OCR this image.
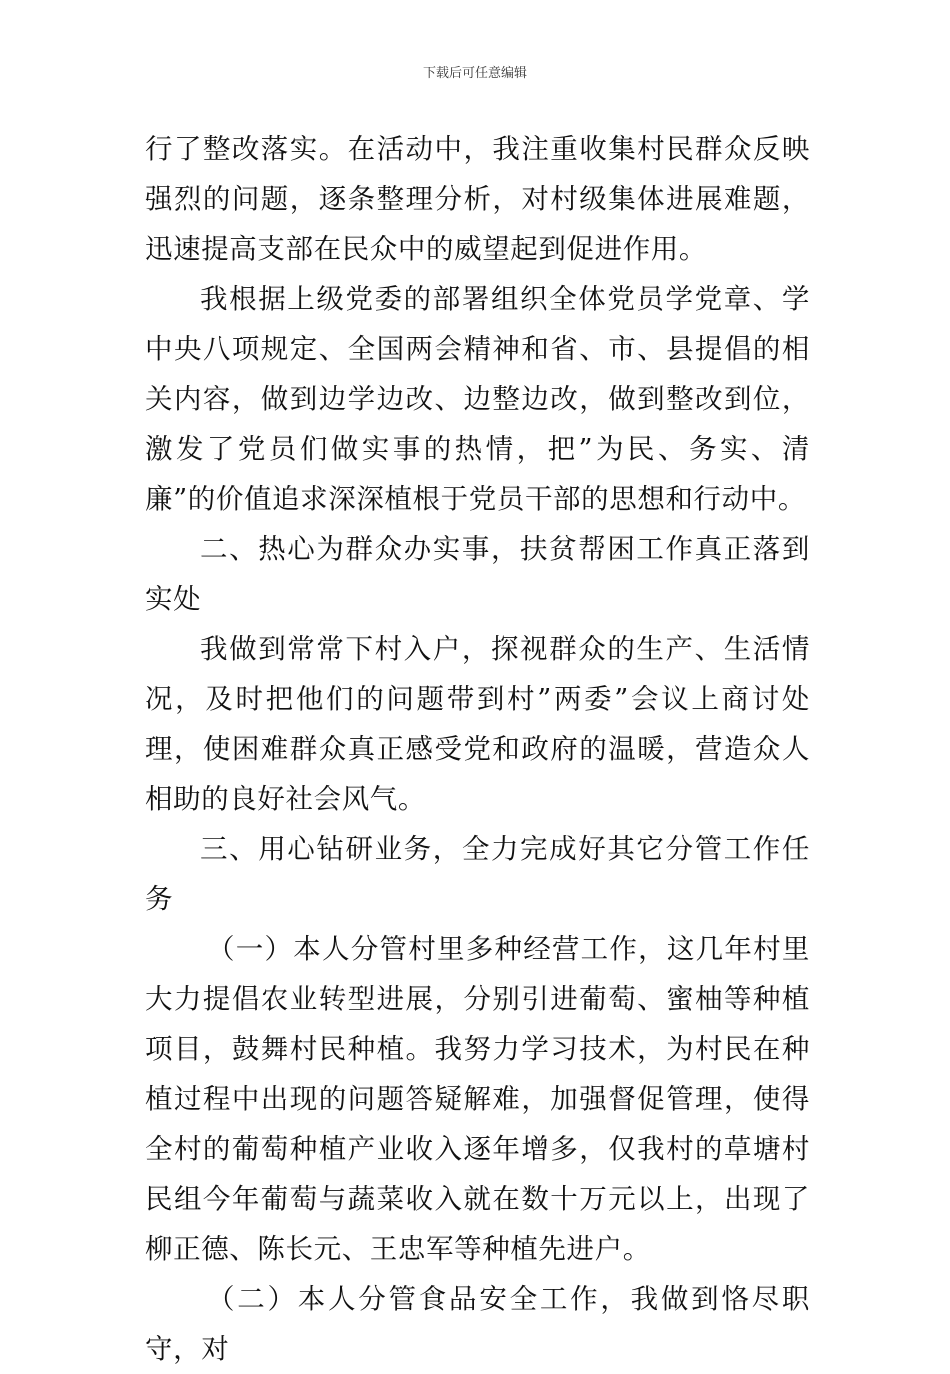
下载后可任意编辑

行了整改落实。在活动中，我注重收集村民群众反映强烈的问题，逐条整理分析，对村级集体进展难题，迅速提高支部在民众中的威望起到促进作用。

我根据上级党委的部署组织全体党员学党章、学中央八项规定、全国两会精神和省、市、县提倡的相关内容，做到边学边改、边整边改，做到整改到位，激发了党员们做实事的热情，把”为民、务实、清廉”的价值追求深深植根于党员干部的思想和行动中。

二、热心为群众办实事，扶贫帮困工作真正落到实处

我做到常常下村入户，探视群众的生产、生活情况，及时把他们的问题带到村”两委”会议上商讨处理，使困难群众真正感受党和政府的温暖，营造众人相助的良好社会风气。

三、用心钻研业务，全力完成好其它分管工作任务

（一）本人分管村里多种经营工作，这几年村里大力提倡农业转型进展，分别引进葡萄、蜜柚等种植项目，鼓舞村民种植。我努力学习技术，为村民在种植过程中出现的问题答疑解难，加强督促管理，使得全村的葡萄种植产业收入逐年增多，仅我村的草塘村民组今年葡萄与蔬菜收入就在数十万元以上，出现了柳正德、陈长元、王忠军等种植先进户。

（二）本人分管食品安全工作，我做到恪尽职守，对
